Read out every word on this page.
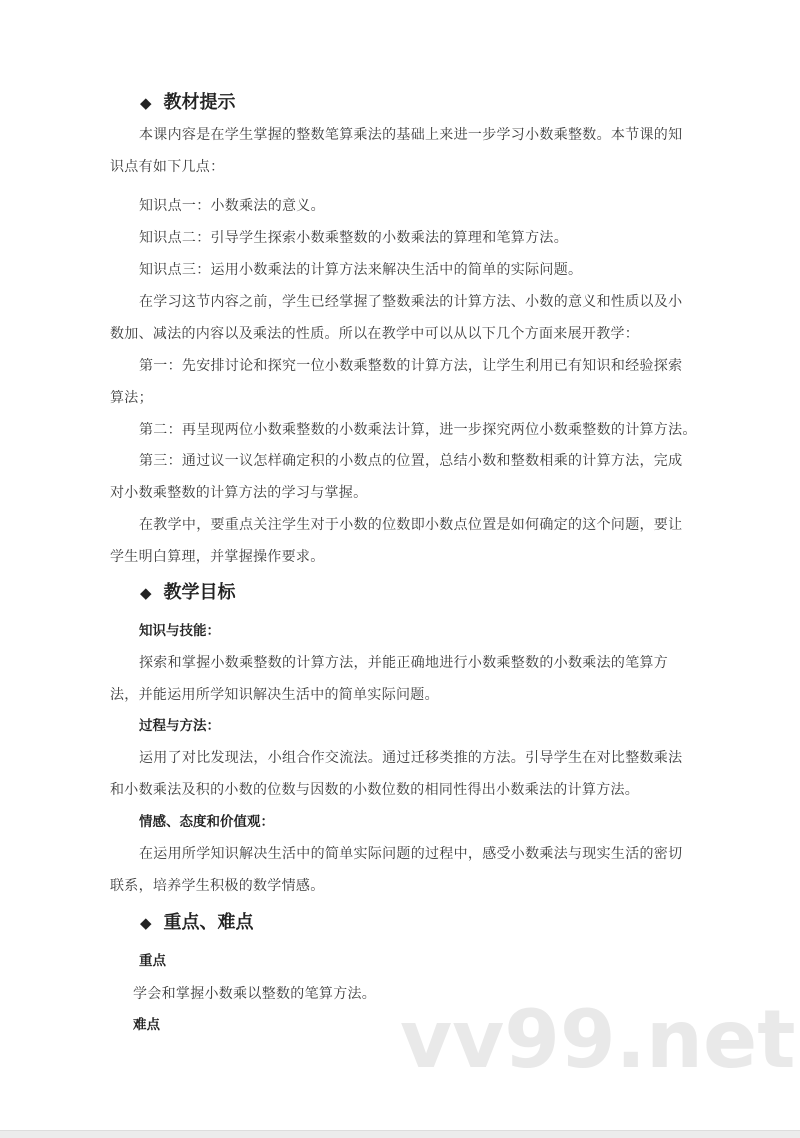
vv99.net
◆ 教材提示
本课内容是在学生掌握的整数笔算乘法的基础上来进一步学习小数乘整数。本节课的知
识点有如下几点：
知识点一：小数乘法的意义。
知识点二：引导学生探索小数乘整数的小数乘法的算理和笔算方法。
知识点三：运用小数乘法的计算方法来解决生活中的简单的实际问题。
在学习这节内容之前，学生已经掌握了整数乘法的计算方法、小数的意义和性质以及小
数加、减法的内容以及乘法的性质。所以在教学中可以从以下几个方面来展开教学：
第一：先安排讨论和探究一位小数乘整数的计算方法，让学生利用已有知识和经验探索
算法；
第二：再呈现两位小数乘整数的小数乘法计算，进一步探究两位小数乘整数的计算方法。
第三：通过议一议怎样确定积的小数点的位置，总结小数和整数相乘的计算方法，完成
对小数乘整数的计算方法的学习与掌握。
在教学中，要重点关注学生对于小数的位数即小数点位置是如何确定的这个问题，要让
学生明白算理，并掌握操作要求。
◆ 教学目标
知识与技能：
探索和掌握小数乘整数的计算方法，并能正确地进行小数乘整数的小数乘法的笔算方
法，并能运用所学知识解决生活中的简单实际问题。
过程与方法：
运用了对比发现法，小组合作交流法。通过迁移类推的方法。引导学生在对比整数乘法
和小数乘法及积的小数的位数与因数的小数位数的相同性得出小数乘法的计算方法。
情感、态度和价值观：
在运用所学知识解决生活中的简单实际问题的过程中，感受小数乘法与现实生活的密切
联系，培养学生积极的数学情感。
◆ 重点、难点
重点
学会和掌握小数乘以整数的笔算方法。
难点
